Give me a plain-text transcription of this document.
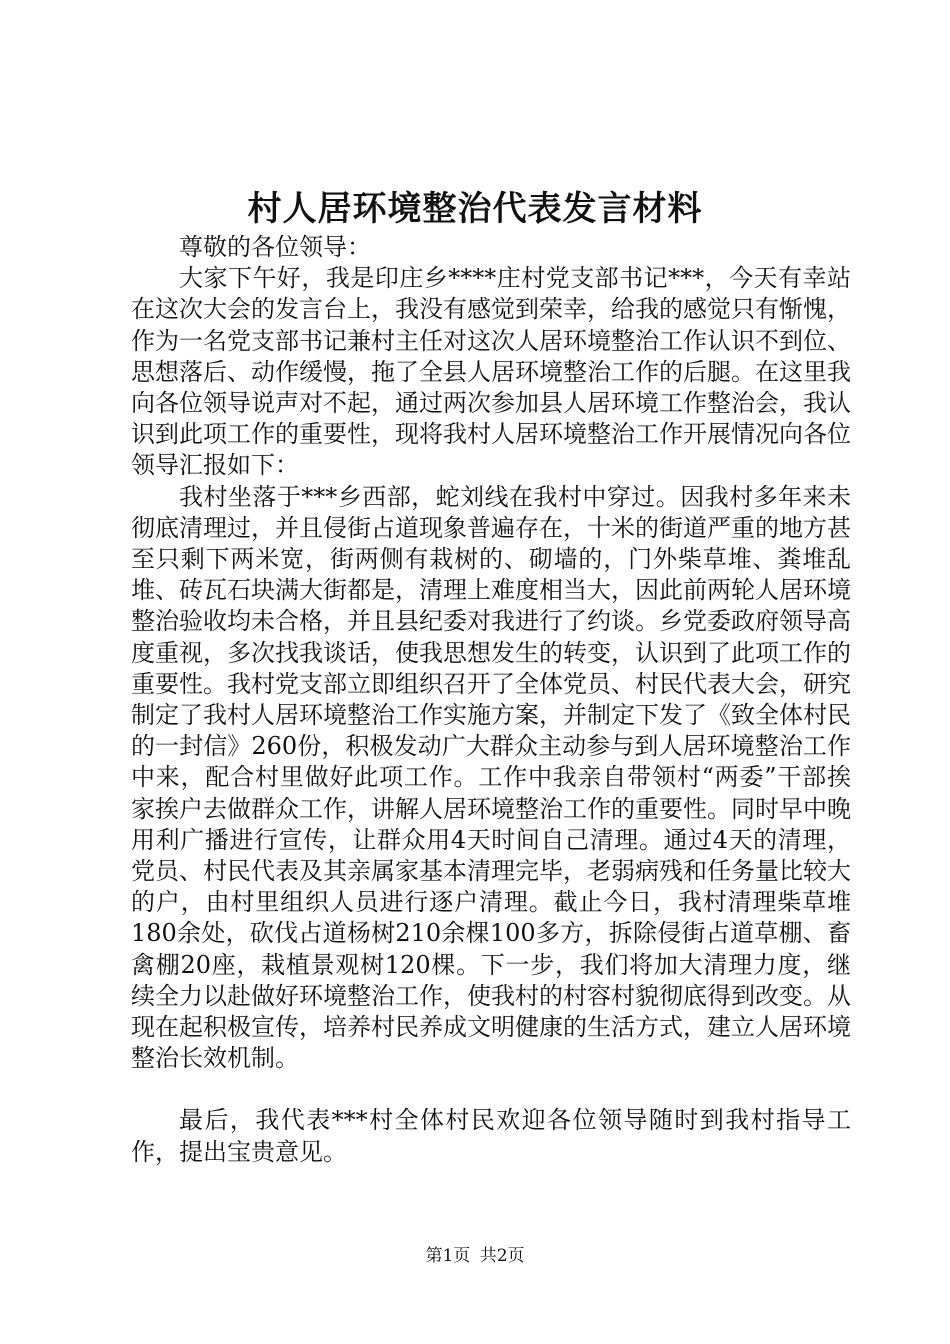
村人居环境整治代表发言材料

尊敬的各位领导：

大家下午好，我是印庄乡****庄村党支部书记***，今天有幸站在这次大会的发言台上，我没有感觉到荣幸，给我的感觉只有惭愧，作为一名党支部书记兼村主任对这次人居环境整治工作认识不到位、思想落后、动作缓慢，拖了全县人居环境整治工作的后腿。在这里我向各位领导说声对不起，通过两次参加县人居环境工作整治会，我认识到此项工作的重要性，现将我村人居环境整治工作开展情况向各位领导汇报如下：

我村坐落于***乡西部，蛇刘线在我村中穿过。因我村多年来未彻底清理过，并且侵街占道现象普遍存在，十米的街道严重的地方甚至只剩下两米宽，街两侧有栽树的、砌墙的，门外柴草堆、粪堆乱堆、砖瓦石块满大街都是，清理上难度相当大，因此前两轮人居环境整治验收均未合格，并且县纪委对我进行了约谈。乡党委政府领导高度重视，多次找我谈话，使我思想发生的转变，认识到了此项工作的重要性。我村党支部立即组织召开了全体党员、村民代表大会，研究制定了我村人居环境整治工作实施方案，并制定下发了《致全体村民的一封信》260份，积极发动广大群众主动参与到人居环境整治工作中来，配合村里做好此项工作。工作中我亲自带领村“两委”干部挨家挨户去做群众工作，讲解人居环境整治工作的重要性。同时早中晚用利广播进行宣传，让群众用4天时间自己清理。通过4天的清理，党员、村民代表及其亲属家基本清理完毕，老弱病残和任务量比较大的户，由村里组织人员进行逐户清理。截止今日，我村清理柴草堆180余处，砍伐占道杨树210余棵100多方，拆除侵街占道草棚、畜禽棚20座，栽植景观树120棵。下一步，我们将加大清理力度，继续全力以赴做好环境整治工作，使我村的村容村貌彻底得到改变。从现在起积极宣传，培养村民养成文明健康的生活方式，建立人居环境整治长效机制。

最后，我代表***村全体村民欢迎各位领导随时到我村指导工作，提出宝贵意见。

第1页 共2页
